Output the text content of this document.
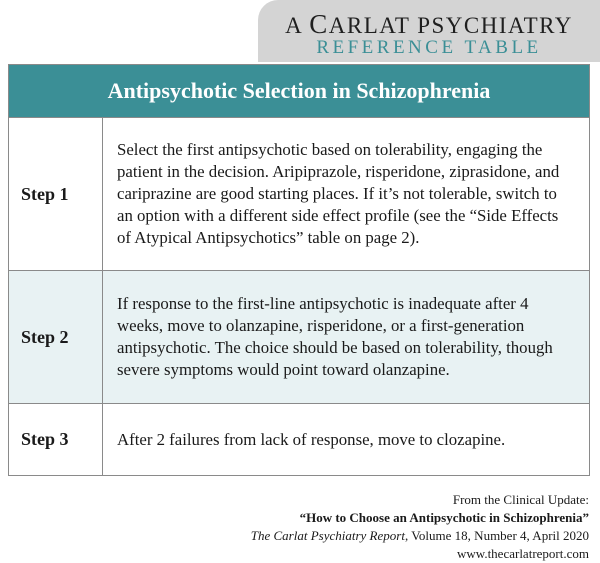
A CARLAT PSYCHIATRY
REFERENCE TABLE
Antipsychotic Selection in Schizophrenia
Step 1
Select the first antipsychotic based on tolerability, engaging the patient in the decision. Aripiprazole, risperidone, ziprasidone, and cariprazine are good starting places. If it’s not tolerable, switch to an option with a different side effect profile (see the “Side Effects of Atypical Antipsychotics” table on page 2).
Step 2
If response to the first-line antipsychotic is inadequate after 4 weeks, move to olanzapine, risperidone, or a first-generation antipsychotic. The choice should be based on tolerability, though severe symptoms would point toward olanzapine.
Step 3	After 2 failures from lack of response, move to clozapine.
From the Clinical Update:
“How to Choose an Antipsychotic in Schizophrenia”
The Carlat Psychiatry Report, Volume 18, Number 4, April 2020
www.thecarlatreport.com
